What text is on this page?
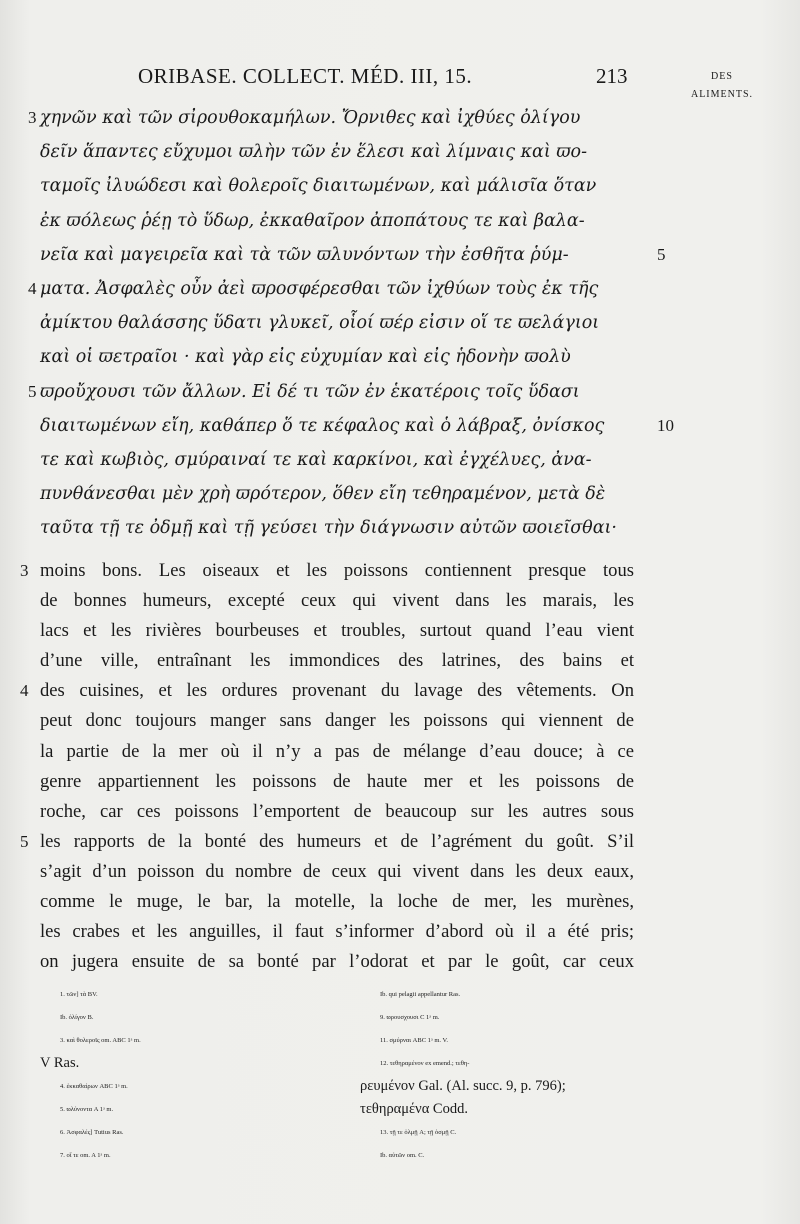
ORIBASE. COLLECT. MÉD. III, 15.	213	DES
ALIMENTS.
3 χηνῶν καὶ τῶν σἰρουθοκαμήλων. Ὄρνιθες καὶ ἰχθύες ὀλίγου
δεῖν ἅπαντες εὔχυμοι ϖλὴν τῶν ἐν ἕλεσι καὶ λίμναις καὶ ϖο-
ταμοῖς ἰλυώδεσι καὶ θολεροῖς διαιτωμένων, καὶ μάλισῖα ὅταν
ἐκ ϖόλεως ῥέῃ τὸ ὕδωρ, ἐκκαθαῖρον ἀποπάτους τε καὶ βαλα-
νεῖα καὶ μαγειρεῖα καὶ τὰ τῶν ϖλυνόντων τὴν ἐσθῆτα ῥύμ-	5
4 ματα. Ἀσφαλὲς οὖν ἀεὶ ϖροσφέρεσθαι τῶν ἰχθύων τοὺς ἐκ τῆς
ἀμίκτου θαλάσσης ὕδατι γλυκεῖ, οἷοί ϖέρ εἰσιν οἵ τε ϖελάγιοι
καὶ οἱ ϖετραῖοι · καὶ γὰρ εἰς εὐχυμίαν καὶ εἰς ἡδονὴν ϖολὺ
5 ϖροὔχουσι τῶν ἄλλων. Εἰ δέ τι τῶν ἐν ἑκατέροις τοῖς ὕδασι
διαιτωμένων εἴη, καθάπερ ὅ τε κέφαλος καὶ ὁ λάβραξ, ὀνίσκος	10
τε καὶ κωβιὸς, σμύραιναί τε καὶ καρκίνοι, καὶ ἐγχέλυες, ἀνα-
πυνθάνεσθαι μὲν χρὴ ϖρότερον, ὅθεν εἴη τεθηραμένον, μετὰ δὲ
ταῦτα τῇ τε ὀδμῇ καὶ τῇ γεύσει τὴν διάγνωσιν αὐτῶν ϖοιεῖσθαι·
3 moins bons. Les oiseaux et les poissons contiennent presque tous
de bonnes humeurs, excepté ceux qui vivent dans les marais, les
lacs et les rivières bourbeuses et troubles, surtout quand l’eau vient
d’une ville, entraînant les immondices des latrines, des bains et
4 des cuisines, et les ordures provenant du lavage des vêtements. On
peut donc toujours manger sans danger les poissons qui viennent de
la partie de la mer où il n’y a pas de mélange d’eau douce; à ce
genre appartiennent les poissons de haute mer et les poissons de
roche, car ces poissons l’emportent de beaucoup sur les autres sous
5 les rapports de la bonté des humeurs et de l’agrément du goût. S’il
s’agit d’un poisson du nombre de ceux qui vivent dans les deux eaux,
comme le muge, le bar, la motelle, la loche de mer, les murènes,
les crabes et les anguilles, il faut s’informer d’abord où il a été pris;
on jugera ensuite de sa bonté par l’odorat et par le goût, car ceux
1. τῶν] τὰ BV.
Ib. ὀλίγον B.
3. καὶ θολεροῖς om. ABC 1ᵃ m.
V Ras.
4. ἐκκαθαίρων ABC 1ᵃ m.
5. ϖλύνοντα A 1ᵃ m.
6. Ἀσφαλές] Tutius Ras.
7. οἵ τε om. A 1ᵃ m.
Ib. qui pelagii appellantur Ras.
9. ϖρουσχουσι C 1ᵃ m.
11. σμύρναι ABC 1ᵃ m. V.
12. τεθηραμένον ex emend.; τεθη-
ρευμένον Gal. (Al. succ. 9, p. 796);
τεθηραμένα Codd.
13. τῇ τε ὀλμῇ A; τῇ ὀσμῇ C.
Ib. αὐτῶν om. C.
